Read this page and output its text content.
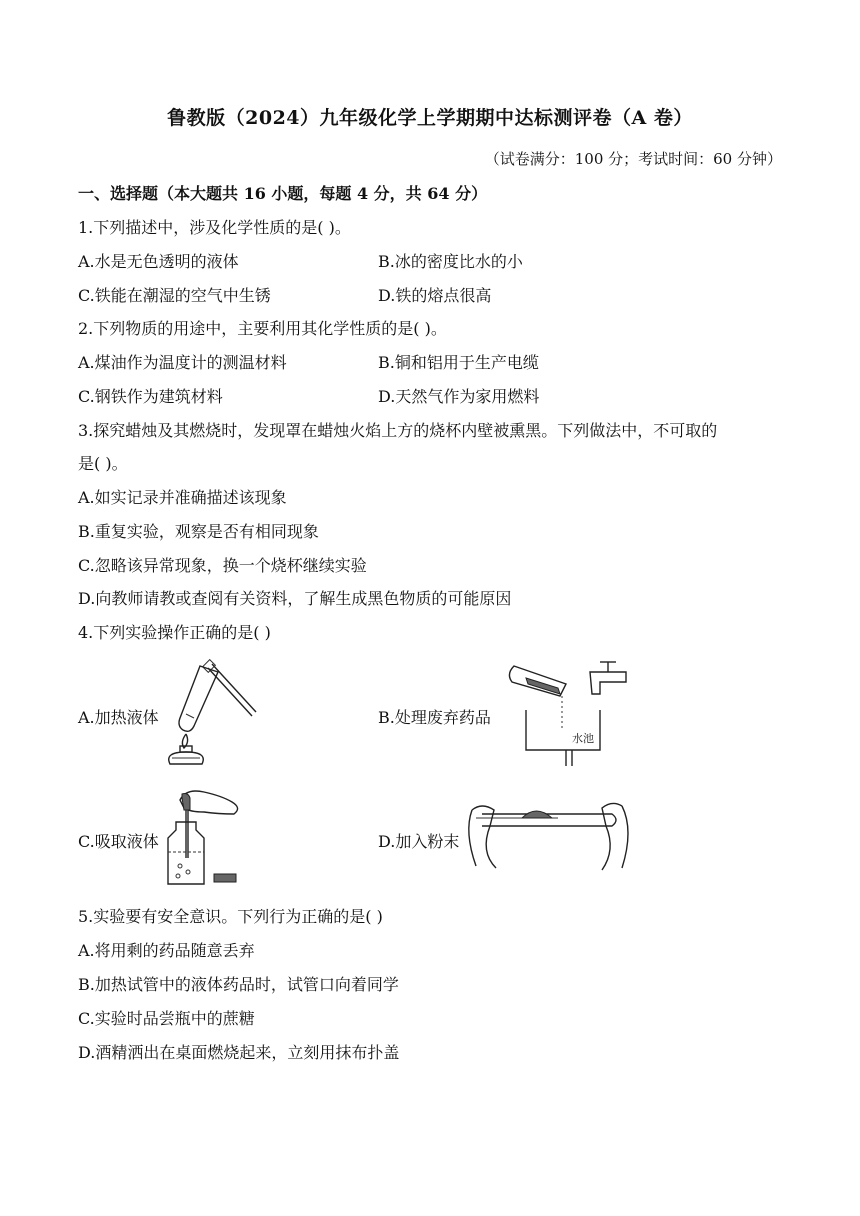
鲁教版（2024）九年级化学上学期期中达标测评卷（A 卷）
（试卷满分：100 分；考试时间：60 分钟）
一、选择题（本大题共 16 小题，每题 4 分，共 64 分）
1.下列描述中，涉及化学性质的是( )。
A.水是无色透明的液体	B.冰的密度比水的小
C.铁能在潮湿的空气中生锈	D.铁的熔点很高
2.下列物质的用途中，主要利用其化学性质的是( )。
A.煤油作为温度计的测温材料	B.铜和铝用于生产电缆
C.钢铁作为建筑材料	D.天然气作为家用燃料
3.探究蜡烛及其燃烧时，发现罩在蜡烛火焰上方的烧杯内壁被熏黑。下列做法中，不可取的
是( )。
A.如实记录并准确描述该现象
B.重复实验，观察是否有相同现象
C.忽略该异常现象，换一个烧杯继续实验
D.向教师请教或查阅有关资料，了解生成黑色物质的可能原因
4.下列实验操作正确的是( )
A.加热液体	B.处理废弃药品
水池
C.吸取液体	D.加入粉末
5.实验要有安全意识。下列行为正确的是( )
A.将用剩的药品随意丢弃
B.加热试管中的液体药品时，试管口向着同学
C.实验时品尝瓶中的蔗糖
D.酒精洒出在桌面燃烧起来，立刻用抹布扑盖
